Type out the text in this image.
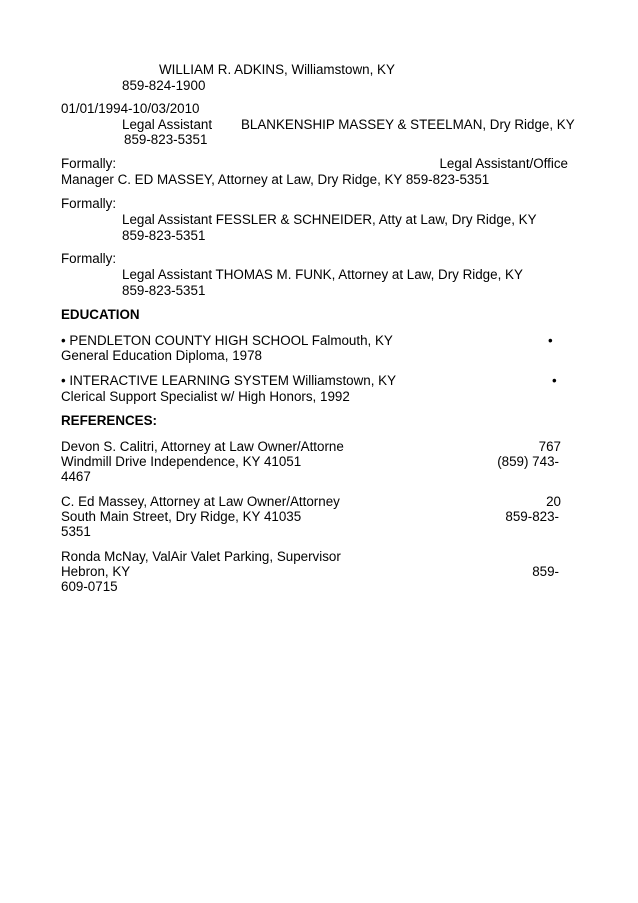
WILLIAM R. ADKINS, Williamstown, KY
859-824-1900
01/01/1994-10/03/2010
Legal Assistant BLANKENSHIP MASSEY & STEELMAN, Dry Ridge, KY
859-823-5351
Formally:	Legal Assistant/Office
Manager C. ED MASSEY, Attorney at Law, Dry Ridge, KY 859-823-5351
Formally:
Legal Assistant FESSLER & SCHNEIDER, Atty at Law, Dry Ridge, KY
859-823-5351
Formally:
Legal Assistant THOMAS M. FUNK, Attorney at Law, Dry Ridge, KY
859-823-5351
EDUCATION
• PENDLETON COUNTY HIGH SCHOOL Falmouth, KY	•
General Education Diploma, 1978
• INTERACTIVE LEARNING SYSTEM Williamstown, KY	•
Clerical Support Specialist w/ High Honors, 1992
REFERENCES:
Devon S. Calitri, Attorney at Law Owner/Attorne	767
Windmill Drive Independence, KY 41051	(859) 743-
4467
C. Ed Massey, Attorney at Law Owner/Attorney	20
South Main Street, Dry Ridge, KY 41035	859-823-
5351
Ronda McNay, ValAir Valet Parking, Supervisor
Hebron, KY	859-
609-0715
